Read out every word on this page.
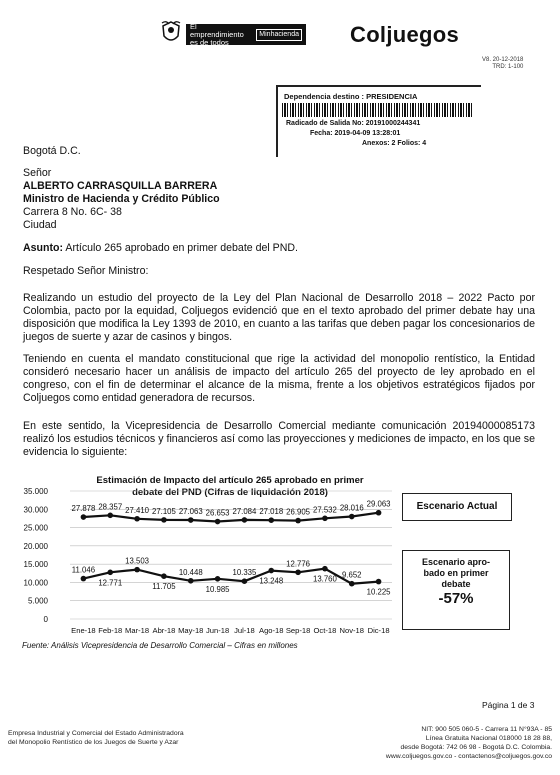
El emprendimiento es de todos
Minhacienda Coljuegos
V8. 20-12-2018
TRD: 1-100
Dependencia destino : PRESIDENCIA
Radicado de Salida No: 20191000244341
Fecha: 2019-04-09 13:28:01
Anexos: 2 Folios: 4
Bogotá D.C.
Señor
ALBERTO CARRASQUILLA BARRERA
Ministro de Hacienda y Crédito Público
Carrera 8 No. 6C- 38
Ciudad
Asunto: Artículo 265 aprobado en primer debate del PND.
Respetado Señor Ministro:
Realizando un estudio del proyecto de la Ley del Plan Nacional de Desarrollo 2018 – 2022 Pacto por Colombia, pacto por la equidad, Coljuegos evidenció que en el texto aprobado del primer debate hay una disposición que modifica la Ley 1393 de 2010, en cuanto a las tarifas que deben pagar los concesionarios de juegos de suerte y azar de casinos y bingos.
Teniendo en cuenta el mandato constitucional que rige la actividad del monopolio rentístico, la Entidad consideró necesario hacer un análisis de impacto del artículo 265 del proyecto de ley aprobado en el congreso, con el fin de determinar el alcance de la misma, frente a los objetivos estratégicos fijados por Coljuegos como entidad generadora de recursos.
En este sentido, la Vicepresidencia de Desarrollo Comercial mediante comunicación 20194000085173 realizó los estudios técnicos y financieros así como las proyecciones y mediciones de impacto, en los que se evidencia lo siguiente:
Estimación de Impacto del artículo 265 aprobado en primer debate del PND (Cifras de liquidación 2018)
35.000
30.000
25.000
20.000
15.000
10.000
5.000
0
Ene-18 Feb-18 Mar-18 Abr-18 May-18 Jun-18 Jul-18 Ago-18 Sep-18 Oct-18 Nov-18 Dic-18
27.878 28.357 27.410 27.105 27.063 26.653 27.084 27.018 26.905 27.532 28.016 29.063
11.046
12.771
13.503
11.705
10.448
10.985
10.335
13.248
12.776
13.760 9.652
10.225
Escenario Actual
Escenario apro-
bado en primer
debate
-57%
Fuente: Análisis Vicepresidencia de Desarrollo Comercial – Cifras en millones
Página 1 de 3
Empresa Industrial y Comercial del Estado Administradora
del Monopolio Rentístico de los Juegos de Suerte y Azar
NIT: 900 505 060-5 - Carrera 11 N°93A - 85
Línea Gratuita Nacional 018000 18 28 88,
desde Bogotá: 742 06 98 - Bogotá D.C. Colombia.
www.coljuegos.gov.co - contactenos@coljuegos.gov.co
